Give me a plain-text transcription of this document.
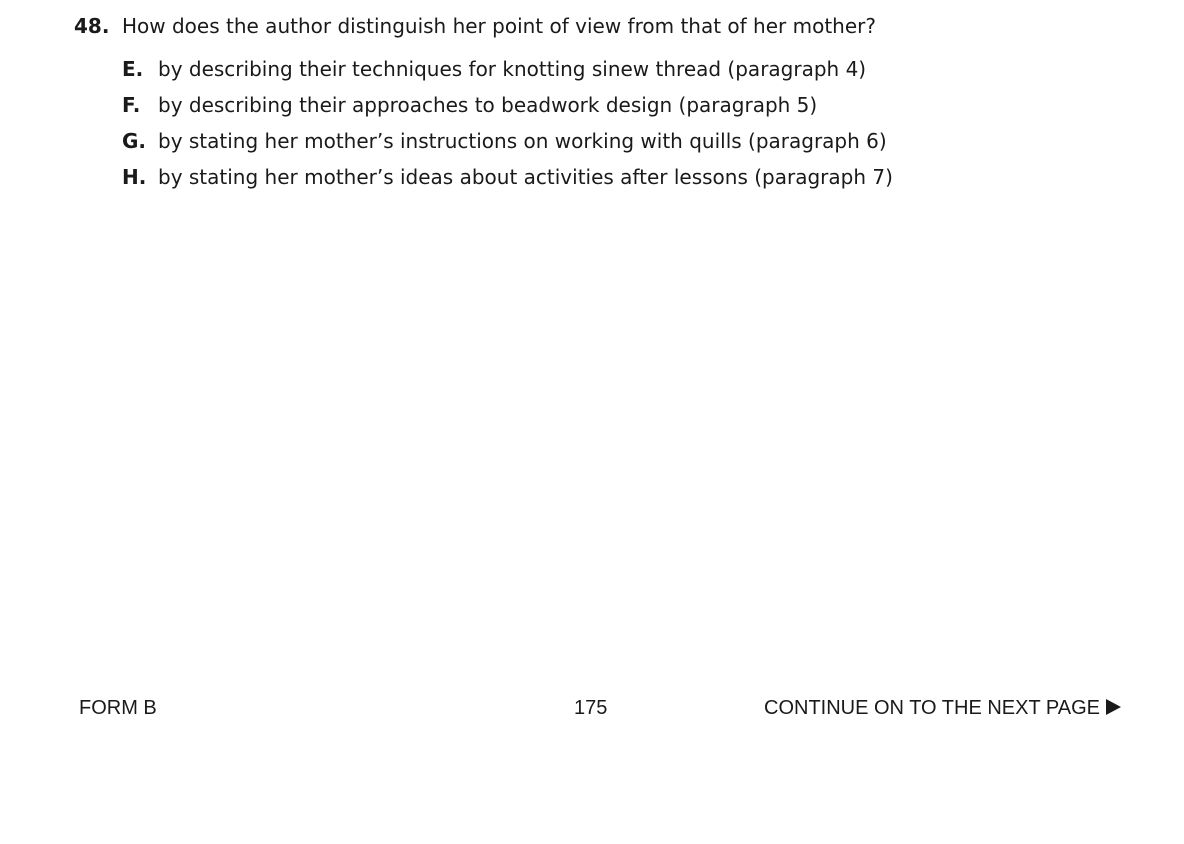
48. How does the author distinguish her point of view from that of her mother?
E. by describing their techniques for knotting sinew thread (paragraph 4)
F. by describing their approaches to beadwork design (paragraph 5)
G. by stating her mother’s instructions on working with quills (paragraph 6)
H. by stating her mother’s ideas about activities after lessons (paragraph 7)
FORM B	175	CONTINUE ON TO THE NEXT PAGE
